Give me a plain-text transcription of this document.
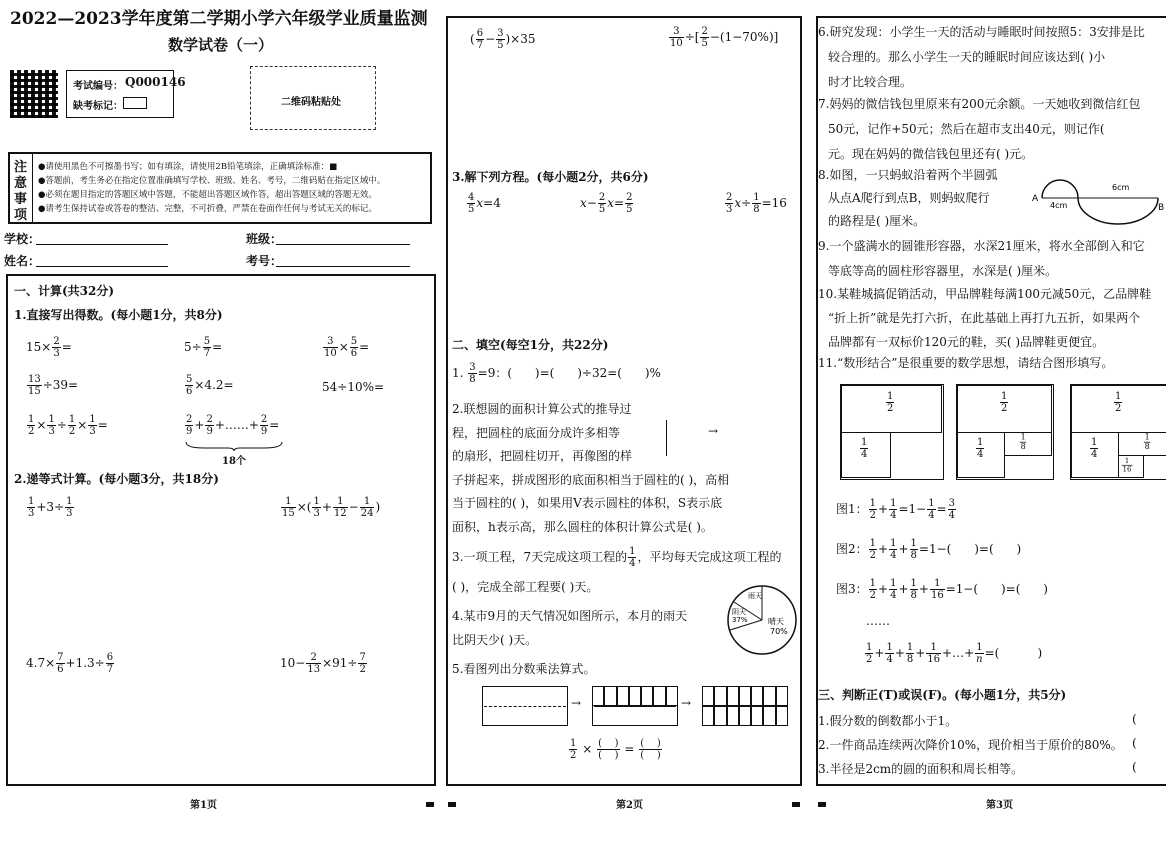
2022—2023学年度第二学期小学六年级学业质量监测
数学试卷（一）
考试编号： Q000146
缺考标记：	二维码粘贴处
注意事项
●请使用黑色不可擦墨书写；如有填涂，请使用2B铅笔填涂，正确填涂标准：■
●答题前，考生务必在指定位置准确填写学校、班级、姓名、考号，二维码贴在指定区域中。
●必须在题目指定的答题区域中答题，不能超出答题区域作答，超出答题区域的答题无效。
●请考生保持试卷或答卷的整洁、完整，不可折叠，严禁在卷面作任何与考试无关的标记。
学校：	班级：
姓名：	考号：
一、计算(共32分)
1.直接写出得数。(每小题1分，共8分)
$15\times \frac{2}{3}$ =	$5\div \frac{5}{7}$ =	$\frac{3}{10} \times \frac{5}{6}$ =
$\frac{13}{15} \div 39=$	$\frac{5}{6} \times 4.2=$	54÷10%=
$\frac{1}{2} \times \frac{1}{3} \div \frac{1}{2} \times \frac{1}{3}$ =	$\frac{2}{9} + \frac{2}{9}$ +……+ $\frac{2}{9}$ =
18个
2.递等式计算。(每小题3分，共18分)
$\frac{1}{3} +3\div \frac{1}{3}$	$\frac{1}{15}$ ×( $\frac{1}{3} + \frac{1}{12} - \frac{1}{24}$ )
$4.7\times \frac{7}{6} +1.3\div \frac{6}{7}$	$10- \frac{2}{13} \times 91\div \frac{7}{2}$
第1页
( $\frac{6}{7} - \frac{3}{5} )\times 35$	$\frac{3}{10}$ ÷[ $\frac{2}{5} -(1-70\%)$]
3.解下列方程。(每小题2分，共6分)
$\frac{4}{5} x=4$	$x- \frac{2}{5} x= \frac{2}{5}$	$\frac{2}{3} x\div \frac{1}{8} =16$
二、填空(每空1分，共22分)
1. $\frac{3}{8} =9$：(      )=(      )÷32=(      )%
2.联想圆的面积计算公式的推导过
程，把圆柱的底面分成许多相等
的扇形，把圆柱切开，再像图的样
子拼起来，拼成图形的底面积相当于圆柱的( )，高相
当于圆柱的( )，如果用V表示圆柱的体积，S表示底
面积，h表示高，那么圆柱的体积计算公式是( )。
→
3.一项工程，7天完成这项工程的 $\frac{1}{4}$ ，平均每天完成这项工程的
( )，完成全部工程要( )天。
4.某市9月的天气情况如图所示，本月的雨天
比阴天少( )天。
雨天
阴天
37%	晴天
70%
5.看图列出分数乘法算式。
→	→
$\frac{1}{2} \times \frac{( )}{( )} = \frac{( )}{( )}$
第2页
6.研究发现：小学生一天的活动与睡眠时间按照5：3安排是比
较合理的。那么小学生一天的睡眠时间应该达到( )小
时才比较合理。
7.妈妈的微信钱包里原来有200元余额。一天她收到微信红包
50元，记作+50元；然后在超市支出40元，则记作(
元。现在妈妈的微信钱包里还有( )元。
8.如图，一只蚂蚁沿着两个半圆弧
从点A爬行到点B，则蚂蚁爬行
的路程是( )厘米。
A
4cm
6cm
B
9.一个盛满水的圆锥形容器，水深21厘米，将水全部倒入和它
等底等高的圆柱形容器里，水深是( )厘米。
10.某鞋城搞促销活动，甲品牌鞋每满100元减50元，乙品牌鞋
“折上折”就是先打六折，在此基础上再打九五折，如果两个
品牌都有一双标价120元的鞋，买( )品牌鞋更便宜。
11.“数形结合”是很重要的数学思想，请结合图形填写。
$\frac{1}{2}$
$\frac{1}{4}$
$\frac{1}{2}$
$\frac{1}{4}$	$\frac{1}{8}$
$\frac{1}{2}$
$\frac{1}{4}$	$\frac{1}{8}$
$\frac{1}{16}$
图1： $\frac{1}{2} + \frac{1}{4} =1- \frac{1}{4} = \frac{3}{4}$
图2： $\frac{1}{2} + \frac{1}{4} + \frac{1}{8} =1-$(      )=(      )
图3： $\frac{1}{2} + \frac{1}{4} + \frac{1}{8} + \frac{1}{16} =1-$(      )=(      )
……
$\frac{1}{2} + \frac{1}{4} + \frac{1}{8} + \frac{1}{16}$ +…+ $\frac{1}{n}$ =(          )
三、判断正(T)或误(F)。(每小题1分，共5分)
1.假分数的倒数都小于1。	(
2.一件商品连续两次降价10%，现价相当于原价的80%。 (
3.半径是2cm的圆的面积和周长相等。	(
第3页
